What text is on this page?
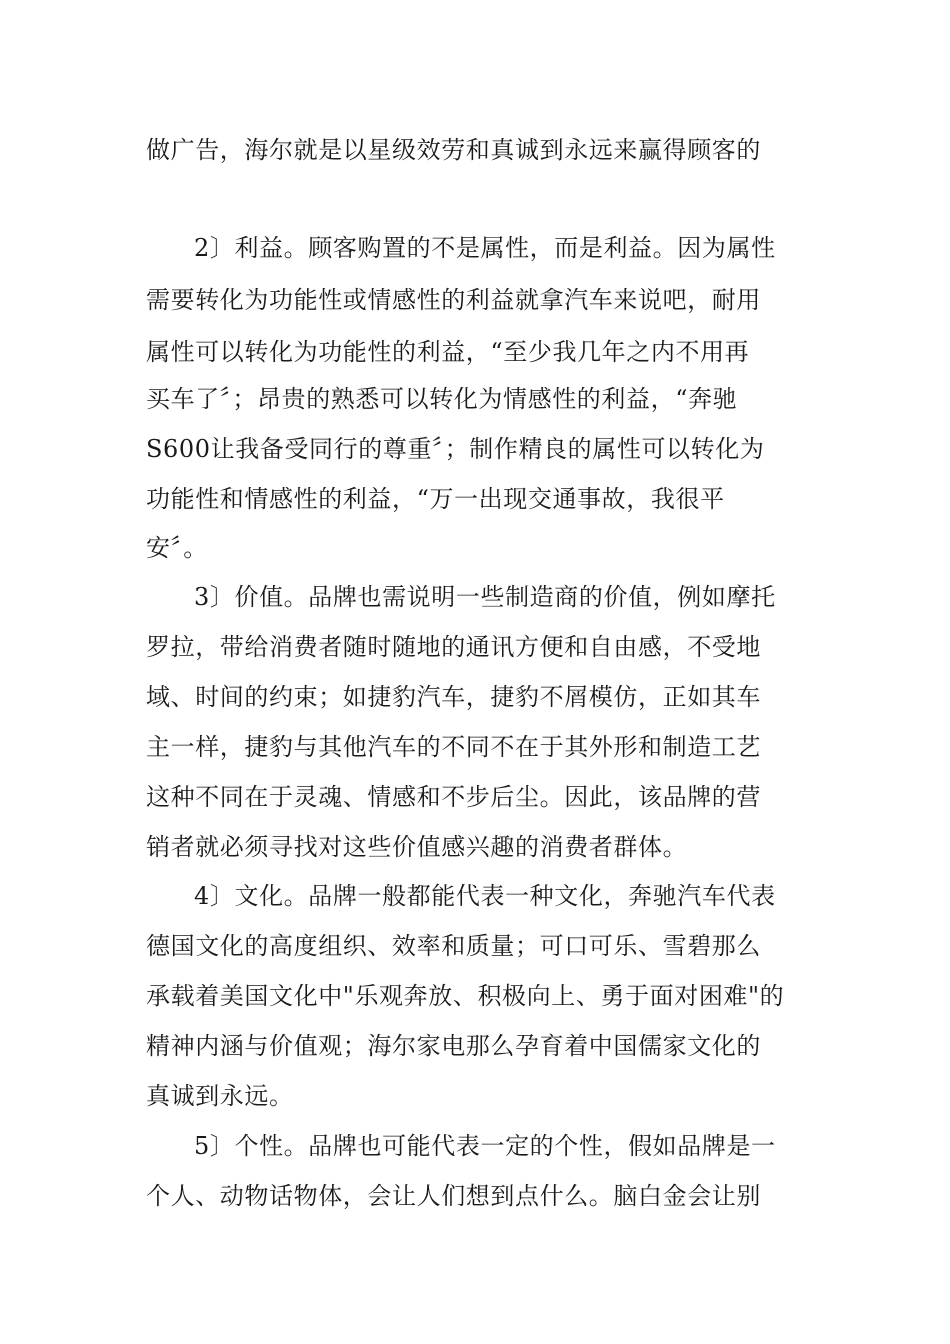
做广告，海尔就是以星级效劳和真诚到永远来赢得顾客的
2〕利益。顾客购置的不是属性，而是利益。因为属性
需要转化为功能性或情感性的利益就拿汽车来说吧，耐用
属性可以转化为功能性的利益，“至少我几年之内不用再
买车了〞；昂贵的熟悉可以转化为情感性的利益，“奔驰
S600让我备受同行的尊重〞；制作精良的属性可以转化为
功能性和情感性的利益，“万一出现交通事故，我很平
安〞。
3〕价值。品牌也需说明一些制造商的价值，例如摩托
罗拉，带给消费者随时随地的通讯方便和自由感，不受地
域、时间的约束；如捷豹汽车，捷豹不屑模仿，正如其车
主一样，捷豹与其他汽车的不同不在于其外形和制造工艺
这种不同在于灵魂、情感和不步后尘。因此，该品牌的营
销者就必须寻找对这些价值感兴趣的消费者群体。
4〕文化。品牌一般都能代表一种文化，奔驰汽车代表
德国文化的高度组织、效率和质量；可口可乐、雪碧那么
承载着美国文化中"乐观奔放、积极向上、勇于面对困难"的
精神内涵与价值观；海尔家电那么孕育着中国儒家文化的
真诚到永远。
5〕个性。品牌也可能代表一定的个性，假如品牌是一
个人、动物话物体，会让人们想到点什么。脑白金会让别
